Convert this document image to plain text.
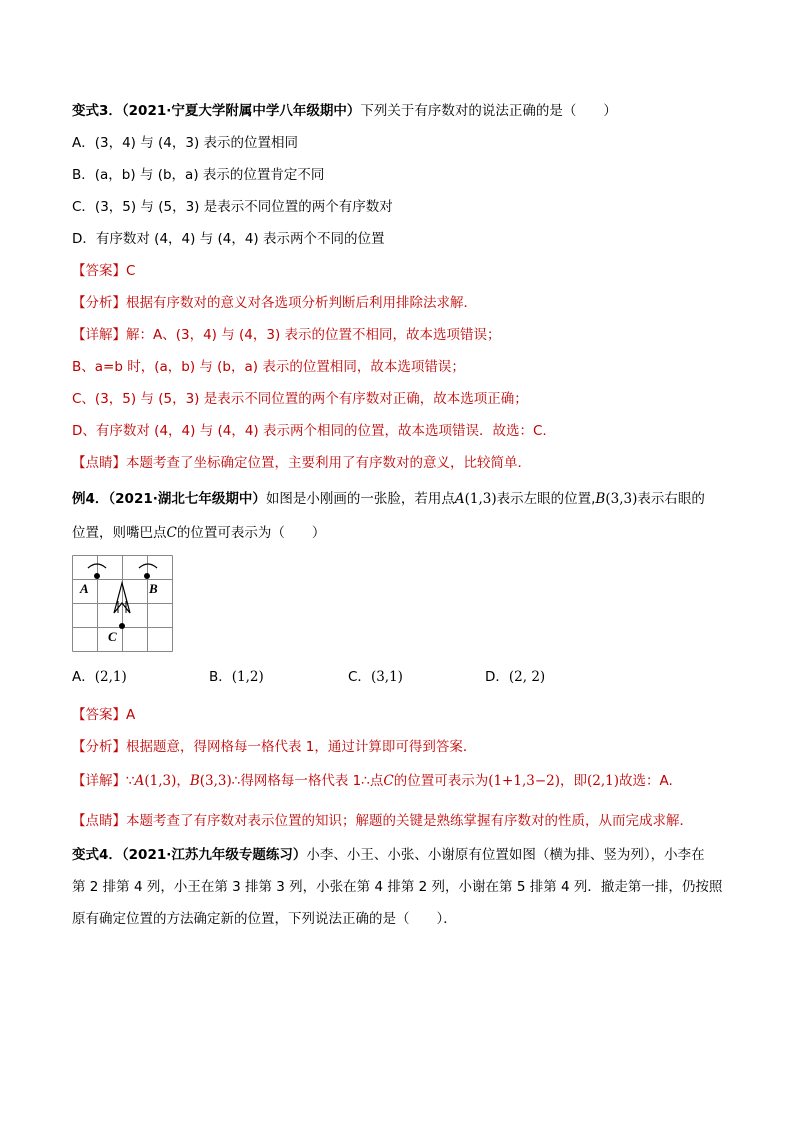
变式3．（2021·宁夏大学附属中学八年级期中）下列关于有序数对的说法正确的是（　　）
A．(3，4) 与 (4，3) 表示的位置相同
B．(a，b) 与 (b，a) 表示的位置肯定不同
C．(3，5) 与 (5，3) 是表示不同位置的两个有序数对
D．有序数对 (4，4) 与 (4，4) 表示两个不同的位置
【答案】C
【分析】根据有序数对的意义对各选项分析判断后利用排除法求解．
【详解】解：A、(3，4) 与 (4，3) 表示的位置不相同，故本选项错误；
B、a=b 时，(a，b) 与 (b，a) 表示的位置相同，故本选项错误；
C、(3，5) 与 (5，3) 是表示不同位置的两个有序数对正确，故本选项正确；
D、有序数对 (4，4) 与 (4，4) 表示两个相同的位置，故本选项错误．故选：C.
【点睛】本题考查了坐标确定位置，主要利用了有序数对的意义，比较简单．
例4．（2021·湖北七年级期中）如图是小刚画的一张脸，若用点A(1,3)表示左眼的位置,B(3,3)表示右眼的
位置，则嘴巴点C的位置可表示为（　　）
A	B
C
A．(2,1)	B．(1,2)	C．(3,1)	D．(2, 2)
【答案】A
【分析】根据题意，得网格每一格代表 1，通过计算即可得到答案．
【详解】∵A(1,3)，B(3,3)∴得网格每一格代表 1∴点C的位置可表示为(1+1,3−2)，即(2,1)故选：A.
【点睛】本题考查了有序数对表示位置的知识；解题的关键是熟练掌握有序数对的性质，从而完成求解．
变式4．（2021·江苏九年级专题练习）小李、小王、小张、小谢原有位置如图（横为排、竖为列），小李在
第 2 排第 4 列，小王在第 3 排第 3 列，小张在第 4 排第 2 列，小谢在第 5 排第 4 列．撤走第一排，仍按照
原有确定位置的方法确定新的位置，下列说法正确的是（　　）．
